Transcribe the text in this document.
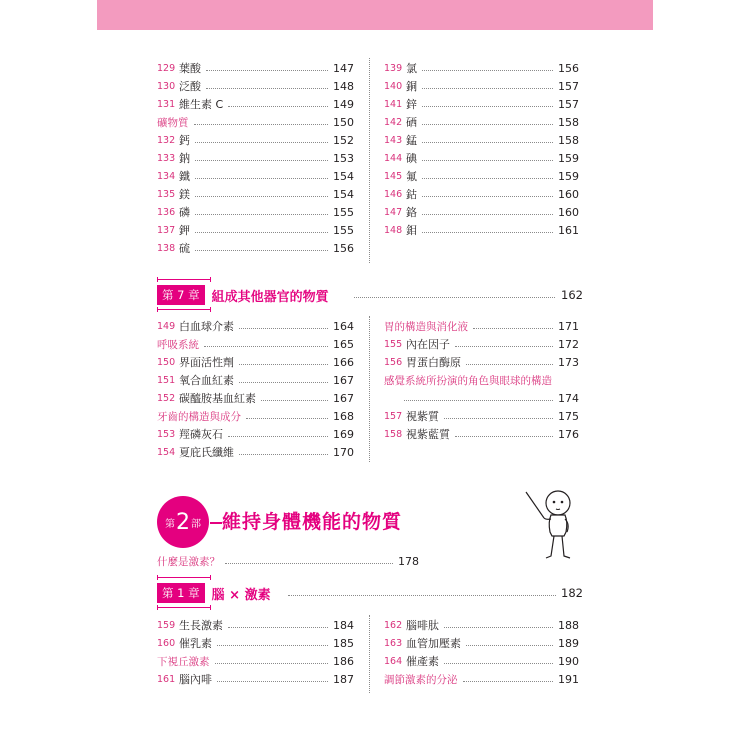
129 葉酸	147
130 泛酸	148
131 維生素 C	149
礦物質	150
132 鈣	152
133 鈉	153
134 鐵	154
135 鎂	154
136 磷	155
137 鉀	155
138 硫	156
139 氯	156
140 銅	157
141 鋅	157
142 硒	158
143 錳	158
144 碘	159
145 氟	159
146 鈷	160
147 鉻	160
148 鉬	161
第 7 章 組成其他器官的物質	162
149 白血球介素	164
呼吸系統	165
150 界面活性劑	166
151 氧合血紅素	167
152 碳醯胺基血紅素	167
牙齒的構造與成分	168
153 羥磷灰石	169
154 夏庇氏纖維	170
胃的構造與消化液	171
155 內在因子	172
156 胃蛋白酶原	173
感覺系統所扮演的角色與眼球的構造
174
157 視紫質	175
158 視紫藍質	176
第 2 部 維持身體機能的物質
什麼是激素？	178
第 1 章 腦 × 激素	182
159 生長激素	184
160 催乳素	185
下視丘激素	186
161 腦內啡	187
162 腦啡肽	188
163 血管加壓素	189
164 催產素	190
調節激素的分泌	191
